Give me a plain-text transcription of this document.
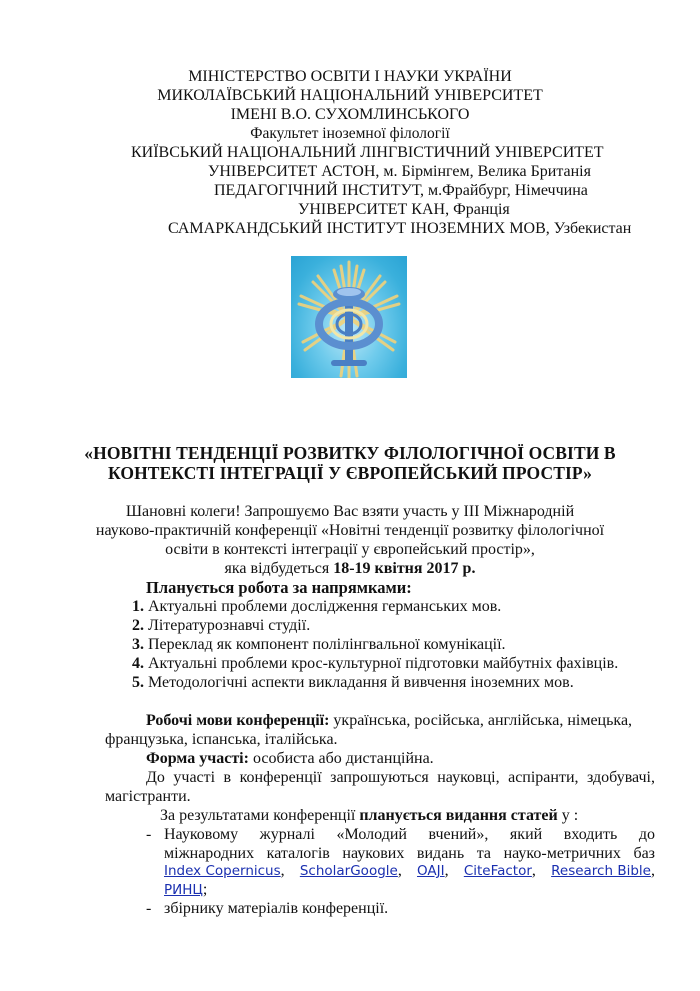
МІНІСТЕРСТВО ОСВІТИ І НАУКИ УКРАЇНИ
МИКОЛАЇВСЬКИЙ НАЦІОНАЛЬНИЙ УНІВЕРСИТЕТ
ІМЕНІ В.О. СУХОМЛИНСЬКОГО
Факультет іноземної філології
КИЇВСЬКИЙ НАЦІОНАЛЬНИЙ ЛІНГВІСТИЧНИЙ УНІВЕРСИТЕТ
УНІВЕРСИТЕТ АСТОН, м. Бірмінгем, Велика Британія
ПЕДАГОГІЧНИЙ ІНСТИТУТ, м.Фрайбург, Німеччина
УНІВЕРСИТЕТ КАН, Франція
САМАРКАНДСЬКИЙ ІНСТИТУТ ІНОЗЕМНИХ МОВ, Узбекистан
«НОВІТНІ ТЕНДЕНЦІЇ РОЗВИТКУ ФІЛОЛОГІЧНОЇ ОСВІТИ В
КОНТЕКСТІ ІНТЕГРАЦІЇ У ЄВРОПЕЙСЬКИЙ ПРОСТІР»
Шановні колеги! Запрошуємо Вас взяти участь у ІІІ Міжнародній
науково-практичній конференції «Новітні тенденції розвитку філологічної
освіти в контексті інтеграції у європейський простір»,
яка відбудеться 18-19 квітня 2017 р.
Планується робота за напрямками:
1. Актуальні проблеми дослідження германських мов.
2. Літературознавчі студії.
3. Переклад як компонент полілінгвальної комунікації.
4. Актуальні проблеми крос-культурної підготовки майбутніх фахівців.
5. Методологічні аспекти викладання й вивчення іноземних мов.
Робочі мови конференції: українська, російська, англійська, німецька,
французька, іспанська, італійська.
Форма участі: особиста або дистанційна.
До участі в конференції запрошуються науковці, аспіранти, здобувачі,
магістранти.
За результатами конференції планується видання статей у :
- Науковому журналі «Молодий вчений», який входить до
міжнародних каталогів наукових видань та науко-метричних баз
Index Copernicus, ScholarGoogle, OAJI, CiteFactor, Research Bible,
РИНЦ;
- збірнику матеріалів конференції.
